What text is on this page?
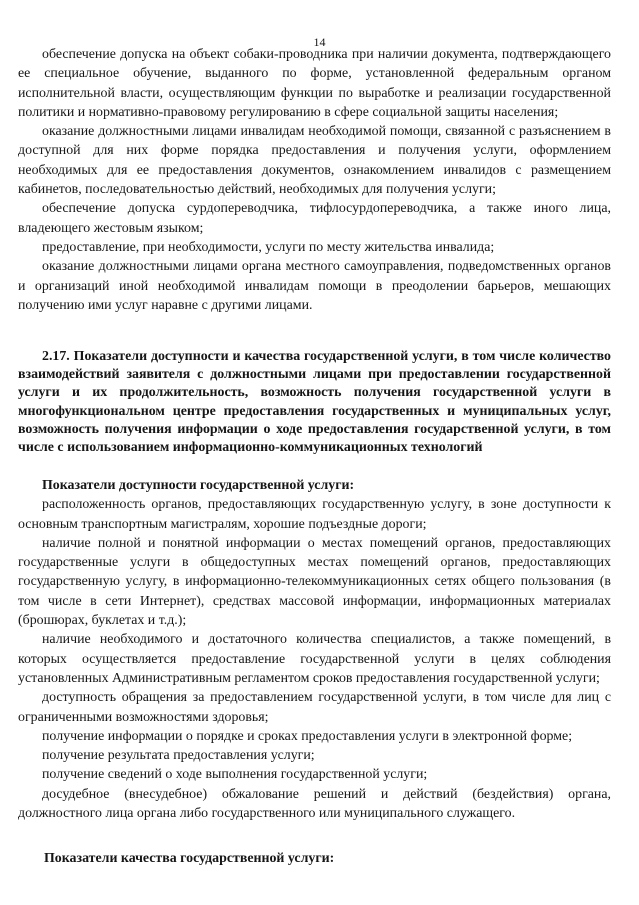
14

обеспечение допуска на объект собаки-проводника при наличии документа, подтверждающего ее специальное обучение, выданного по форме, установленной федеральным органом исполнительной власти, осуществляющим функции по выработке и реализации государственной политики и нормативно-правовому регулированию в сфере социальной защиты населения;

оказание должностными лицами инвалидам необходимой помощи, связанной с разъяснением в доступной для них форме порядка предоставления и получения услуги, оформлением необходимых для ее предоставления документов, ознакомлением инвалидов с размещением кабинетов, последовательностью действий, необходимых для получения услуги;

обеспечение допуска сурдопереводчика, тифлосурдопереводчика, а также иного лица, владеющего жестовым языком;

предоставление, при необходимости, услуги по месту жительства инвалида;

оказание должностными лицами органа местного самоуправления, подведомственных органов и организаций иной необходимой инвалидам помощи в преодолении барьеров, мешающих получению ими услуг наравне с другими лицами.

2.17. Показатели доступности и качества государственной услуги, в том числе количество взаимодействий заявителя с должностными лицами при предоставлении государственной услуги и их продолжительность, возможность получения государственной услуги в многофункциональном центре предоставления государственных и муниципальных услуг, возможность получения информации о ходе предоставления государственной услуги, в том числе с использованием информационно-коммуникационных технологий

Показатели доступности государственной услуги:

расположенность органов, предоставляющих государственную услугу, в зоне доступности к основным транспортным магистралям, хорошие подъездные дороги;

наличие полной и понятной информации о местах помещений органов, предоставляющих государственные услуги в общедоступных местах помещений органов, предоставляющих государственную услугу, в информационно-телекоммуникационных сетях общего пользования (в том числе в сети Интернет), средствах массовой информации, информационных материалах (брошюрах, буклетах и т.д.);

наличие необходимого и достаточного количества специалистов, а также помещений, в которых осуществляется предоставление государственной услуги в целях соблюдения установленных Административным регламентом сроков предоставления государственной услуги;

доступность обращения за предоставлением государственной услуги, в том числе для лиц с ограниченными возможностями здоровья;

получение информации о порядке и сроках предоставления услуги в электронной форме;

получение результата предоставления услуги;

получение сведений о ходе выполнения государственной услуги;

досудебное (внесудебное) обжалование решений и действий (бездействия) органа, должностного лица органа либо государственного или муниципального служащего.

Показатели качества государственной услуги:
